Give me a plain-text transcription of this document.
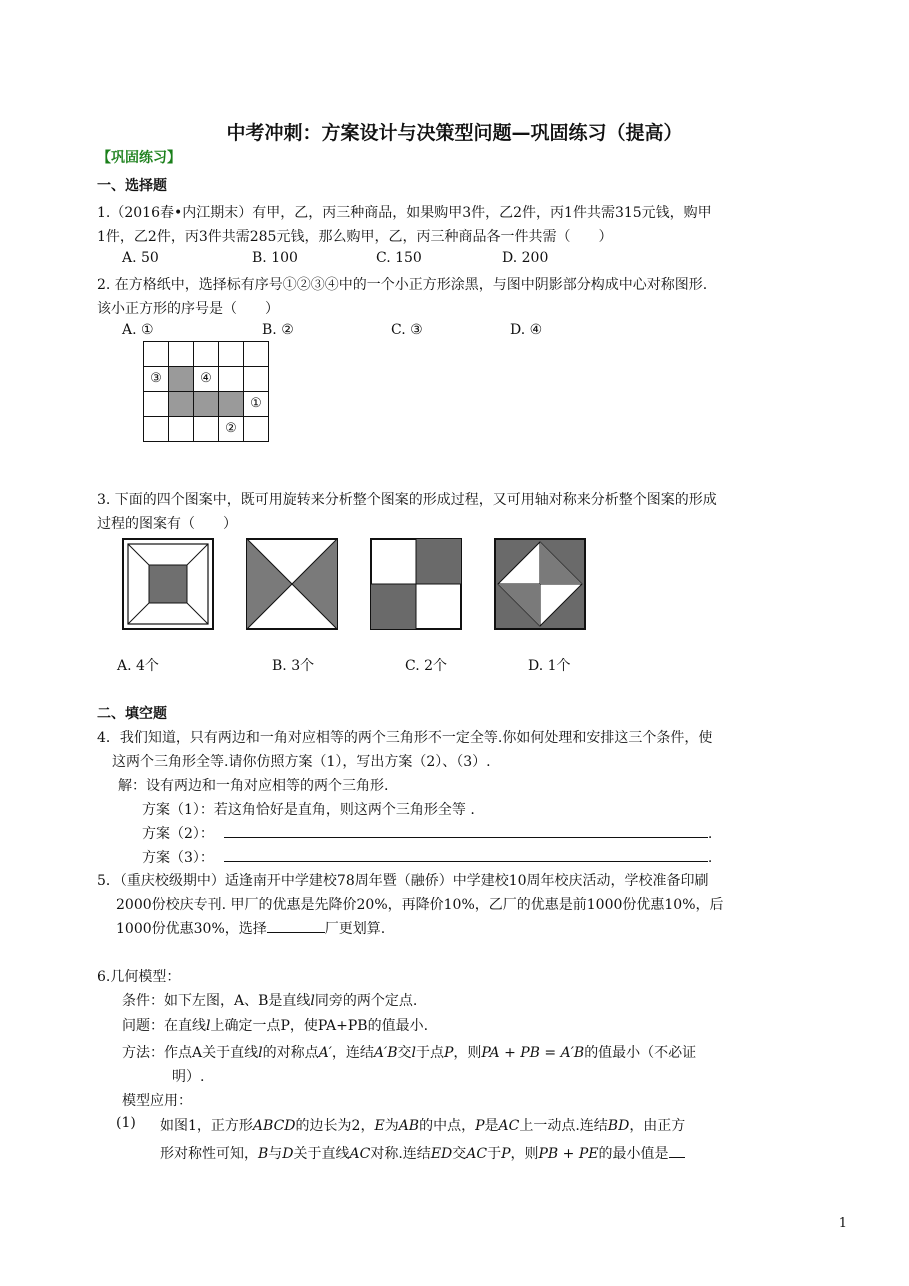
中考冲刺：方案设计与决策型问题—巩固练习（提高）
【巩固练习】
一、选择题
1.（2016春•内江期末）有甲，乙，丙三种商品，如果购甲3件，乙2件，丙1件共需315元钱，购甲
1件，乙2件，丙3件共需285元钱，那么购甲，乙，丙三种商品各一件共需（　　）
A. 50	B. 100	C. 150	D. 200
2. 在方格纸中，选择标有序号①②③④中的一个小正方形涂黑，与图中阴影部分构成中心对称图形.
该小正方形的序号是（　　）
A. ①	B. ②	C. ③	D. ④

③		④		
				①
			②	
3. 下面的四个图案中，既可用旋转来分析整个图案的形成过程，又可用轴对称来分析整个图案的形成
过程的图案有（　　）
A. 4个	B. 3个	C. 2个	D. 1个
二、填空题
4．我们知道，只有两边和一角对应相等的两个三角形不一定全等.你如何处理和安排这三个条件，使
这两个三角形全等.请你仿照方案（1），写出方案（2）、（3）.
解：设有两边和一角对应相等的两个三角形.
方案（1）：若这角恰好是直角，则这两个三角形全等 .
方案（2）：	.
方案（3）：	.
5．（重庆校级期中）适逢南开中学建校78周年暨（融侨）中学建校10周年校庆活动，学校准备印刷
2000份校庆专刊. 甲厂的优惠是先降价20%，再降价10%，乙厂的优惠是前1000份优惠10%，后
1000份优惠30%，选择	厂更划算.
6.几何模型：
条件：如下左图，A、B是直线l同旁的两个定点.
问题：在直线l上确定一点P，使PA+PB的值最小.
方法：作点A关于直线l的对称点A′，连结A′B交l于点P，则PA + PB = A′B的值最小（不必证
明）.
模型应用：
(1) 如图1，正方形ABCD的边长为2，E为AB的中点，P是AC上一动点.连结BD，由正方
形对称性可知，B与D关于直线AC对称.连结ED交AC于P，则PB + PE的最小值是
1
